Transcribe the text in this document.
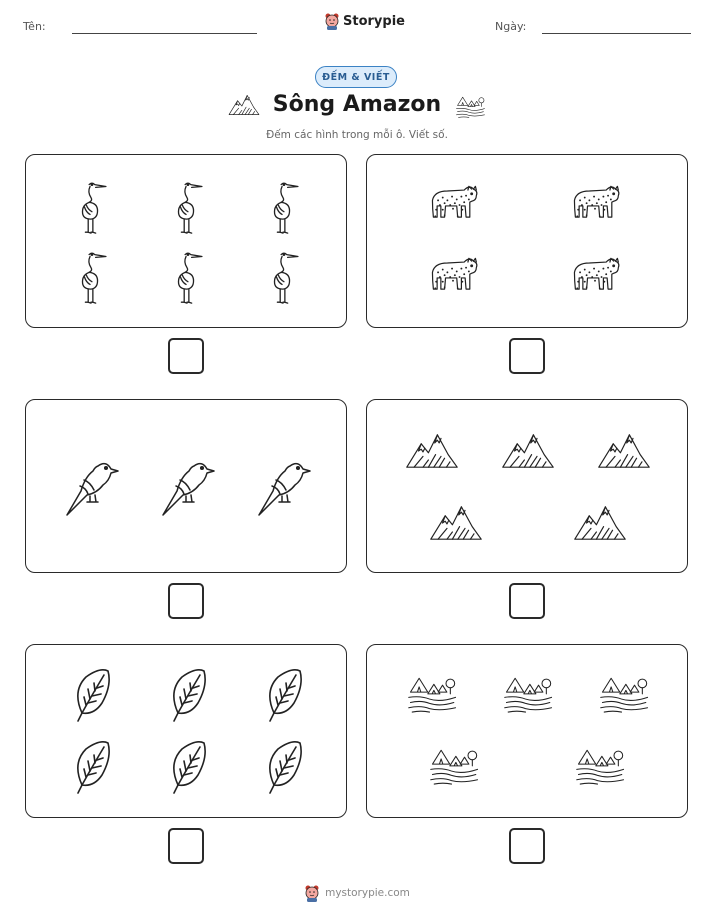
Tên:	Storypie	Ngày:
ĐẾM & VIẾT
Sông Amazon
Đếm các hình trong mỗi ô. Viết số.
mystorypie.com
